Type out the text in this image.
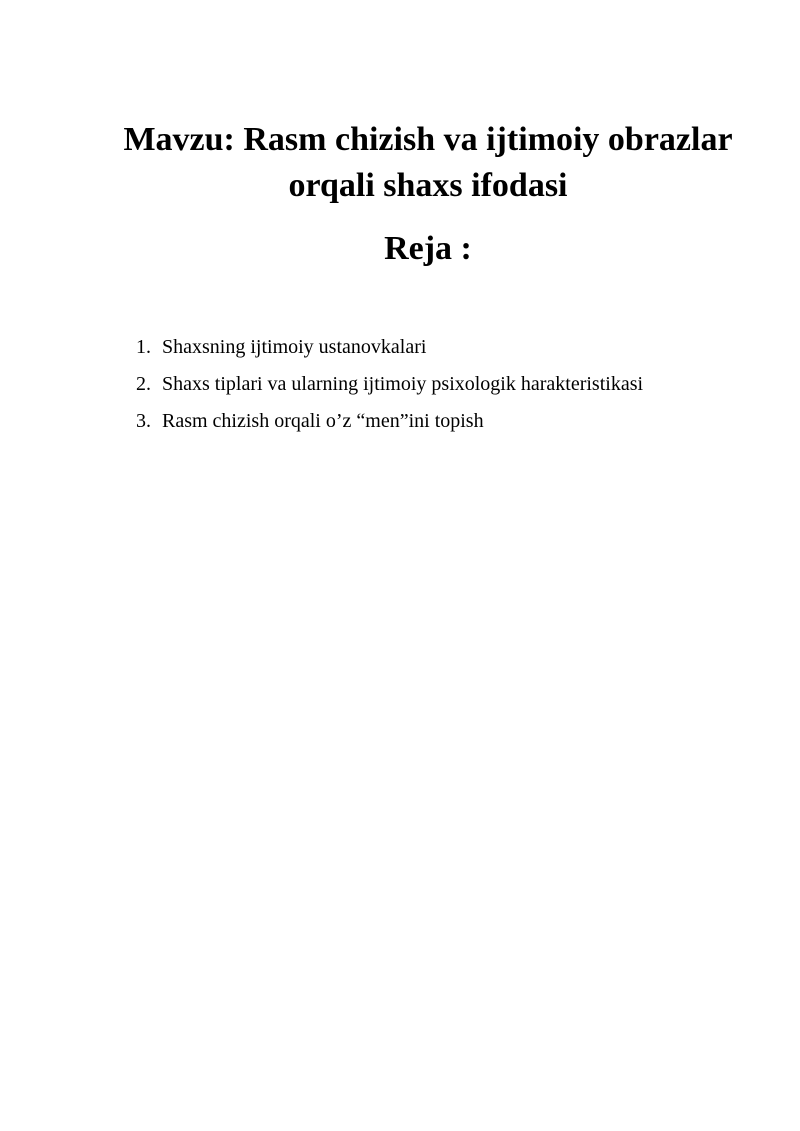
Mavzu: Rasm chizish va ijtimoiy obrazlar
orqali shaxs ifodasi
Reja :
1. Shaxsning ijtimoiy ustanovkalari
2. Shaxs tiplari va ularning ijtimoiy psixologik harakteristikasi
3. Rasm chizish orqali o’z “men”ini topish
